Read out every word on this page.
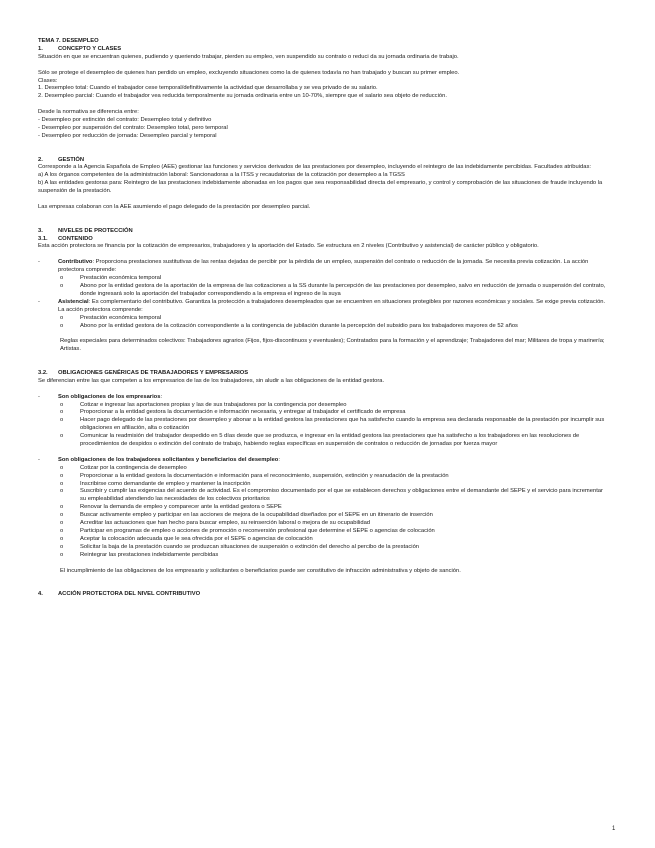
TEMA 7. DESEMPLEO

1.	CONCEPTO Y CLASES

Situación en que se encuentran quienes, pudiendo y queriendo trabajar, pierden su empleo, ven suspendido su contrato o reduci da su jornada ordinaria de trabajo.

Sólo se protege el desempleo de quienes han perdido un empleo, excluyendo situaciones como la de quienes todavía no han trabajado y buscan su primer empleo.

Clases:

1. Desempleo total: Cuando el trabajador cese temporal/definitivamente la actividad que desarrollaba y se vea privado de su salario.

2. Desempleo parcial: Cuando el trabajador vea reducida temporalmente su jornada ordinaria entre un 10-70%, siempre que el salario sea objeto de reducción.

Desde la normativa se diferencia entre:

- Desempleo por extinción del contrato: Desempleo total y definitivo

- Desempleo por suspensión del contrato: Desempleo total, pero temporal

- Desempleo por reducción de jornada: Desempleo parcial y temporal

2.	GESTIÓN

Corresponde a la Agencia Española de Empleo (AEE) gestionar las funciones y servicios derivados de las prestaciones por desempleo, incluyendo el reintegro de las indebidamente percibidas. Facultades atribuidas:

a) A los órganos competentes de la administración laboral: Sancionadoras a la ITSS y recaudatorias de la cotización por desempleo a la TGSS

b) A las entidades gestoras para: Reintegro de las prestaciones indebidamente abonadas en los pagos que sea responsabilidad directa del empresario, y control y comprobación de las situaciones de fraude incluyendo la suspensión de la prestación.

Las empresas colaboran con la AEE asumiendo el pago delegado de la prestación por desempleo parcial.

3.	NIVELES DE PROTECCIÓN

3.1. CONTENIDO

Esta acción protectora se financia por la cotización de empresarios, trabajadores y la aportación del Estado. Se estructura en 2 niveles (Contributivo y asistencial) de carácter público y obligatorio.

-	Contributivo: Proporciona prestaciones sustitutivas de las rentas dejadas de percibir por la pérdida de un empleo, suspensión del contrato o reducción de la jornada. Se necesita previa cotización. La acción protectora comprende:
o	Prestación económica temporal
o	Abono por la entidad gestora de la aportación de la empresa de las cotizaciones a la SS durante la percepción de las prestaciones por desempleo, salvo en reducción de jornada o suspensión del contrato, donde ingresará solo la aportación del trabajador correspondiendo a la empresa el ingreso de la suya
-	Asistencial: Es complementario del contributivo. Garantiza la protección a trabajadores desempleados que se encuentren en situaciones protegibles por razones económicas y sociales. Se exige previa cotización. La acción protectora comprende:
o	Prestación económica temporal
o	Abono por la entidad gestora de la cotización correspondiente a la contingencia de jubilación durante la percepción del subsidio para los trabajadores mayores de 52 años

Reglas especiales para determinados colectivos: Trabajadores agrarios (Fijos, fijos-discontinuos y eventuales); Contratados para la formación y el aprendizaje; Trabajadores del mar; Militares de tropa y marinería; Artistas.

3.2. OBLIGACIONES GENÉRICAS DE TRABAJADORES Y EMPRESARIOS

Se diferencian entre las que competen a los empresarios de las de los trabajadores, sin aludir a las obligaciones de la entidad gestora.

-	Son obligaciones de los empresarios:
o	Cotizar e ingresar las aportaciones propias y las de sus trabajadores por la contingencia por desempleo
o	Proporcionar a la entidad gestora la documentación e información necesaria, y entregar al trabajador el certificado de empresa
o	Hacer pago delegado de las prestaciones por desempleo y abonar a la entidad gestora las prestaciones que ha satisfecho cuando la empresa sea declarada responsable de la prestación por incumplir sus obligaciones en afiliación, alta o cotización
o	Comunicar la readmisión del trabajador despedido en 5 días desde que se produzca, e ingresar en la entidad gestora las prestaciones que ha satisfecho a los trabajadores en las resoluciones de procedimientos de despidos o extinción del contrato de trabajo, habiendo reglas específicas en suspensión de contratos o reducción de jornadas por fuerza mayor
-	Son obligaciones de los trabajadores solicitantes y beneficiarios del desempleo:
o	Cotizar por la contingencia de desempleo
o	Proporcionar a la entidad gestora la documentación e información para el reconocimiento, suspensión, extinción y reanudación de la prestación
o	Inscribirse como demandante de empleo y mantener la inscripción
o	Suscribir y cumplir las exigencias del acuerdo de actividad. Es el compromiso documentado por el que se establecen derechos y obligaciones entre el demandante del SEPE y el servicio para incrementar su empleabilidad atendiendo las necesidades de los colectivos prioritarios
o	Renovar la demanda de empleo y comparecer ante la entidad gestora o SEPE
o	Buscar activamente empleo y participar en las acciones de mejora de la ocupabilidad diseñados por el SEPE en un itinerario de inserción
o	Acreditar las actuaciones que han hecho para buscar empleo, su reinserción laboral o mejora de su ocupabilidad
o	Participar en programas de empleo o acciones de promoción o reconversión profesional que determine el SEPE o agencias de colocación
o	Aceptar la colocación adecuada que le sea ofrecida por el SEPE o agencias de colocación
o	Solicitar la baja de la prestación cuando se produzcan situaciones de suspensión o extinción del derecho al percibo de la prestación
o	Reintegrar las prestaciones indebidamente percibidas

El incumplimiento de las obligaciones de los empresario y solicitantes o beneficiarios puede ser constitutivo de infracción administrativa y objeto de sanción.

4.	ACCIÓN PROTECTORA DEL NIVEL CONTRIBUTIVO

1
